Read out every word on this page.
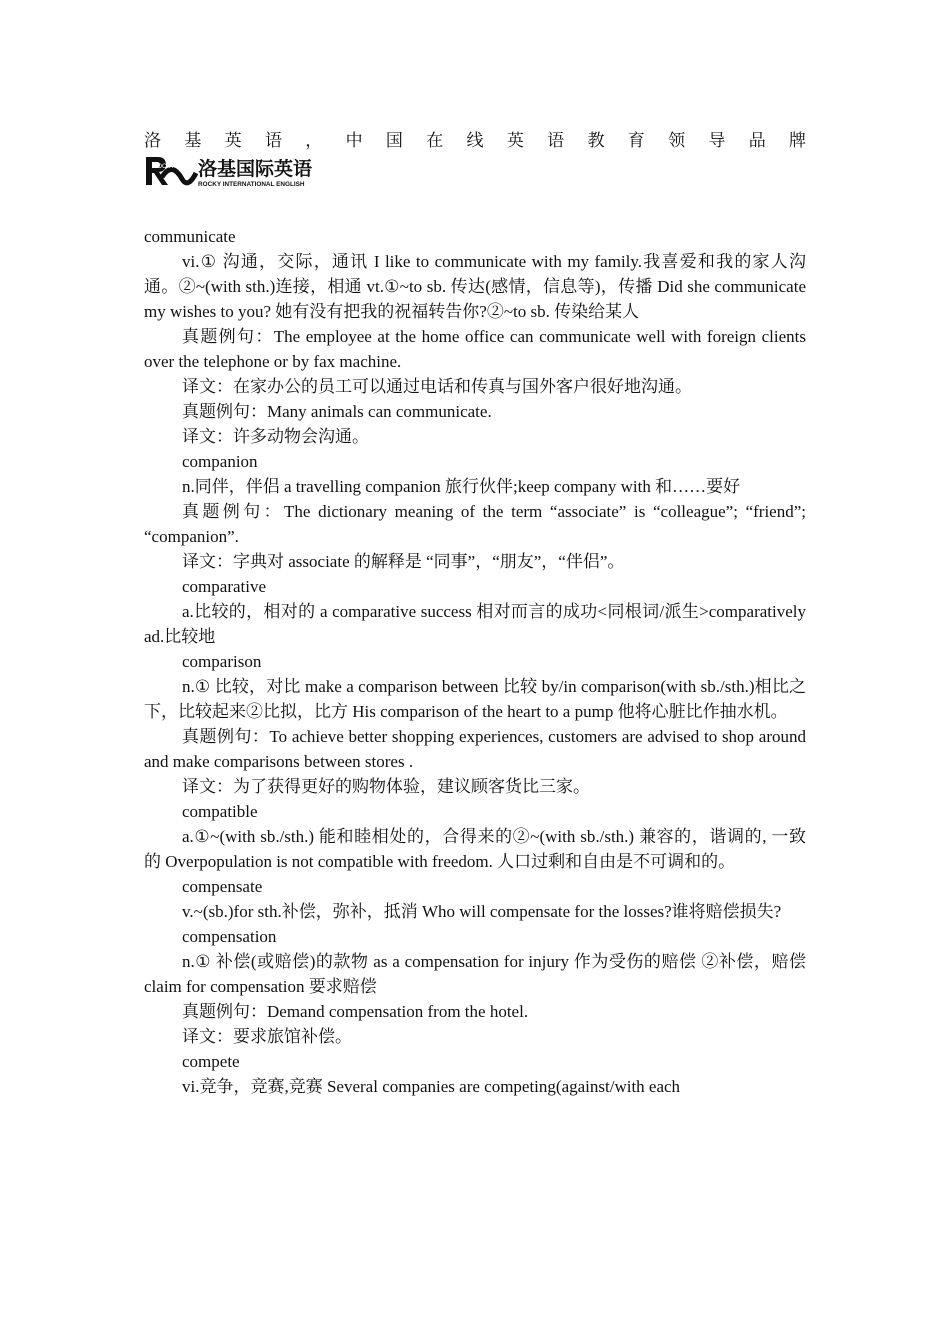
洛 基 英 语 ， 中 国 在 线 英 语 教 育 领 导 品 牌
ROCKY 洛基国际英语
ROCKY INTERNATIONAL ENGLISH

communicate

vi.① 沟通，交际，通讯 I like to communicate with my family.我喜爱和我的家人沟通。②~(with sth.)连接，相通 vt.①~to sb. 传达(感情，信息等)，传播 Did she communicate my wishes to you? 她有没有把我的祝福转告你?②~to sb. 传染给某人

真题例句：The employee at the home office can communicate well with foreign clients over the telephone or by fax machine.

译文：在家办公的员工可以通过电话和传真与国外客户很好地沟通。

真题例句：Many animals can communicate.

译文：许多动物会沟通。

companion

n.同伴，伴侣 a travelling companion 旅行伙伴;keep company with 和……要好

真题例句：The dictionary meaning of the term “associate” is “colleague”; “friend”; “companion”.

译文：字典对 associate 的解释是 “同事”，“朋友”，“伴侣”。

comparative

a.比较的，相对的 a comparative success 相对而言的成功<同根词/派生>comparatively ad.比较地

comparison

n.① 比较，对比 make a comparison between 比较 by/in comparison(with sb./sth.)相比之下，比较起来②比拟，比方 His comparison of the heart to a pump 他将心脏比作抽水机。

真题例句：To achieve better shopping experiences, customers are advised to shop around and make comparisons between stores .

译文：为了获得更好的购物体验，建议顾客货比三家。

compatible

a.①~(with sb./sth.) 能和睦相处的，合得来的②~(with sb./sth.) 兼容的，谐调的, 一致的 Overpopulation is not compatible with freedom. 人口过剩和自由是不可调和的。

compensate

v.~(sb.)for sth.补偿，弥补，抵消 Who will compensate for the losses?谁将赔偿损失?

compensation

n.① 补偿(或赔偿)的款物 as a compensation for injury 作为受伤的赔偿 ②补偿，赔偿 claim for compensation 要求赔偿

真题例句：Demand compensation from the hotel.

译文：要求旅馆补偿。

compete

vi.竞争，竞赛,竞赛 Several companies are competing(against/with each
